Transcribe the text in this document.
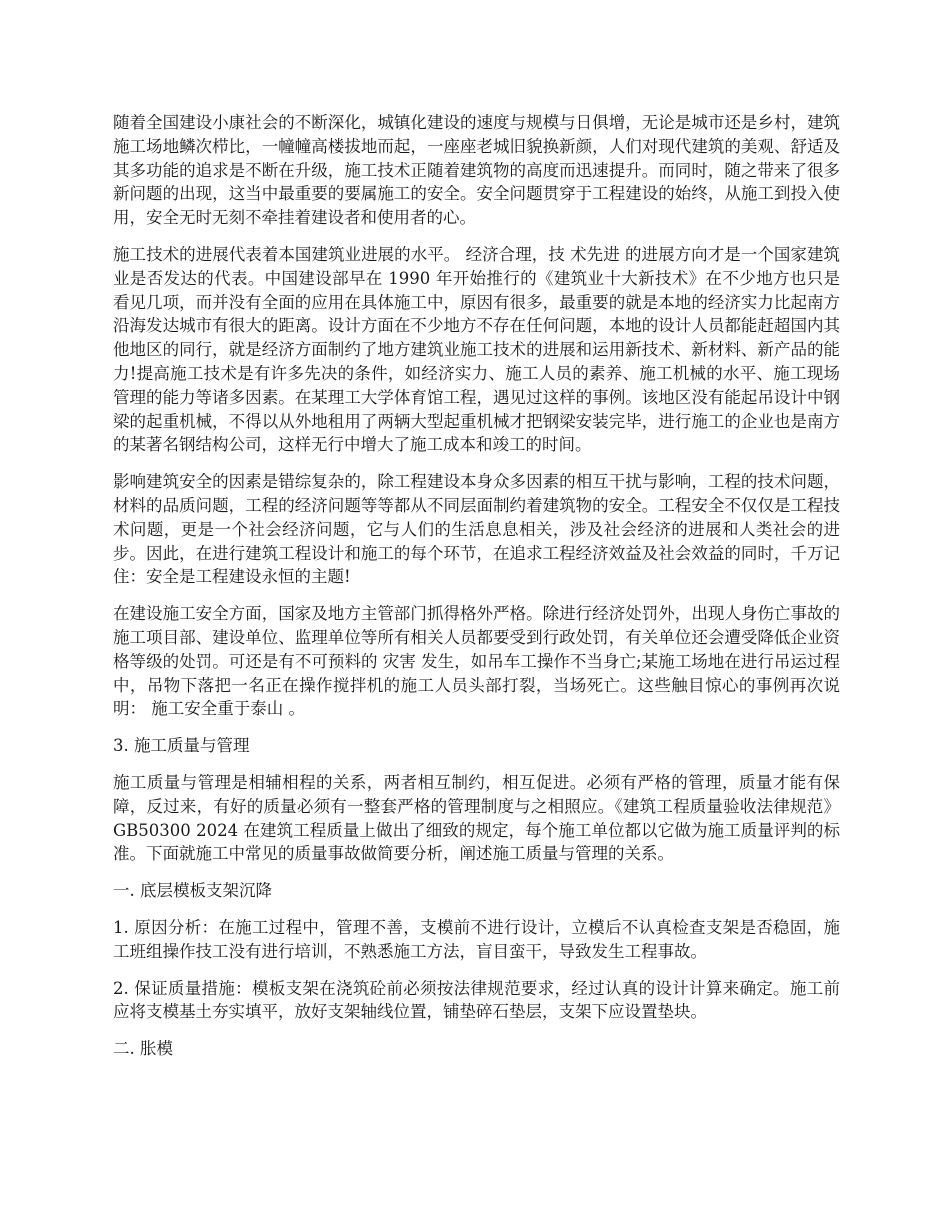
随着全国建设小康社会的不断深化，城镇化建设的速度与规模与日俱增，无论是城市还是乡村，建筑施工场地鳞次栉比，一幢幢高楼拔地而起，一座座老城旧貌换新颜，人们对现代建筑的美观、舒适及其多功能的追求是不断在升级，施工技术正随着建筑物的高度而迅速提升。而同时，随之带来了很多新问题的出现，这当中最重要的要属施工的安全。安全问题贯穿于工程建设的始终，从施工到投入使用，安全无时无刻不牵挂着建设者和使用者的心。

施工技术的进展代表着本国建筑业进展的水平。 经济合理，技 术先进 的进展方向才是一个国家建筑业是否发达的代表。中国建设部早在 1990 年开始推行的《建筑业十大新技术》在不少地方也只是看见几项，而并没有全面的应用在具体施工中，原因有很多，最重要的就是本地的经济实力比起南方沿海发达城市有很大的距离。设计方面在不少地方不存在任何问题，本地的设计人员都能赶超国内其他地区的同行，就是经济方面制约了地方建筑业施工技术的进展和运用新技术、新材料、新产品的能力!提高施工技术是有许多先决的条件，如经济实力、施工人员的素养、施工机械的水平、施工现场管理的能力等诸多因素。在某理工大学体育馆工程，遇见过这样的事例。该地区没有能起吊设计中钢梁的起重机械，不得以从外地租用了两辆大型起重机械才把钢梁安装完毕，进行施工的企业也是南方的某著名钢结构公司，这样无行中增大了施工成本和竣工的时间。

影响建筑安全的因素是错综复杂的，除工程建设本身众多因素的相互干扰与影响，工程的技术问题，材料的品质问题，工程的经济问题等等都从不同层面制约着建筑物的安全。工程安全不仅仅是工程技术问题，更是一个社会经济问题，它与人们的生活息息相关，涉及社会经济的进展和人类社会的进步。因此，在进行建筑工程设计和施工的每个环节，在追求工程经济效益及社会效益的同时，千万记住：安全是工程建设永恒的主题!

在建设施工安全方面，国家及地方主管部门抓得格外严格。除进行经济处罚外，出现人身伤亡事故的施工项目部、建设单位、监理单位等所有相关人员都要受到行政处罚，有关单位还会遭受降低企业资格等级的处罚。可还是有不可预料的 灾害 发生，如吊车工操作不当身亡;某施工场地在进行吊运过程中，吊物下落把一名正在操作搅拌机的施工人员头部打裂，当场死亡。这些触目惊心的事例再次说明： 施工安全重于泰山 。

3. 施工质量与管理

施工质量与管理是相辅相程的关系，两者相互制约，相互促进。必须有严格的管理，质量才能有保障，反过来，有好的质量必须有一整套严格的管理制度与之相照应。《建筑工程质量验收法律规范》GB50300 2024 在建筑工程质量上做出了细致的规定，每个施工单位都以它做为施工质量评判的标准。下面就施工中常见的质量事故做简要分析，阐述施工质量与管理的关系。

一. 底层模板支架沉降

1. 原因分析：在施工过程中，管理不善，支模前不进行设计，立模后不认真检查支架是否稳固，施工班组操作技工没有进行培训，不熟悉施工方法，盲目蛮干，导致发生工程事故。

2. 保证质量措施：模板支架在浇筑砼前必须按法律规范要求，经过认真的设计计算来确定。施工前应将支模基土夯实填平，放好支架轴线位置，铺垫碎石垫层，支架下应设置垫块。

二. 胀模
